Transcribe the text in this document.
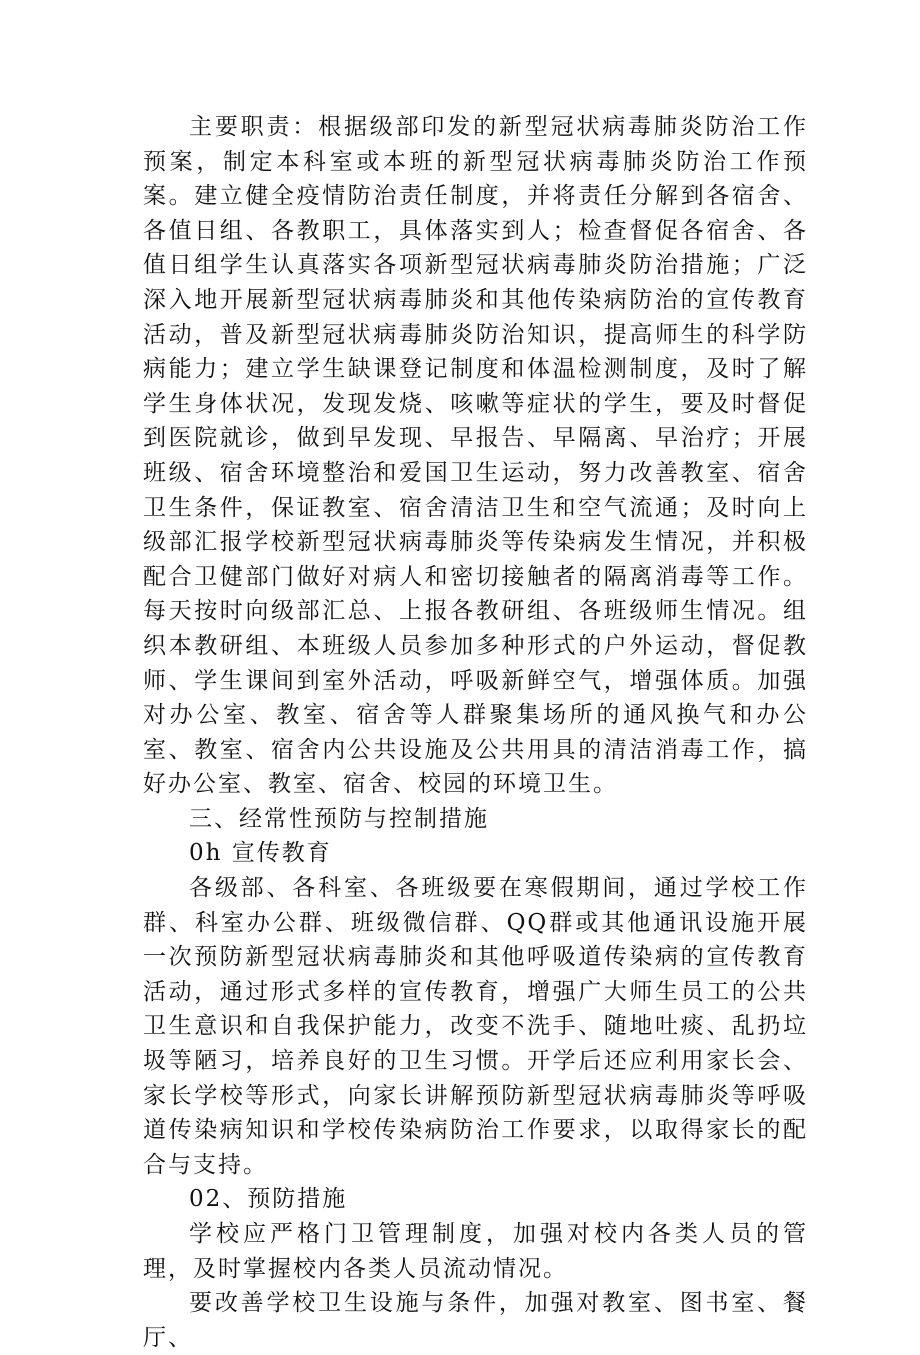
主要职责：根据级部印发的新型冠状病毒肺炎防治工作预案，制定本科室或本班的新型冠状病毒肺炎防治工作预案。建立健全疫情防治责任制度，并将责任分解到各宿舍、各值日组、各教职工，具体落实到人；检查督促各宿舍、各值日组学生认真落实各项新型冠状病毒肺炎防治措施；广泛深入地开展新型冠状病毒肺炎和其他传染病防治的宣传教育活动，普及新型冠状病毒肺炎防治知识，提高师生的科学防病能力；建立学生缺课登记制度和体温检测制度，及时了解学生身体状况，发现发烧、咳嗽等症状的学生，要及时督促到医院就诊，做到早发现、早报告、早隔离、早治疗；开展班级、宿舍环境整治和爱国卫生运动，努力改善教室、宿舍卫生条件，保证教室、宿舍清洁卫生和空气流通；及时向上级部汇报学校新型冠状病毒肺炎等传染病发生情况，并积极配合卫健部门做好对病人和密切接触者的隔离消毒等工作。每天按时向级部汇总、上报各教研组、各班级师生情况。组织本教研组、本班级人员参加多种形式的户外运动，督促教师、学生课间到室外活动，呼吸新鲜空气，增强体质。加强对办公室、教室、宿舍等人群聚集场所的通风换气和办公室、教室、宿舍内公共设施及公共用具的清洁消毒工作，搞好办公室、教室、宿舍、校园的环境卫生。

三、经常性预防与控制措施

0h 宣传教育

各级部、各科室、各班级要在寒假期间，通过学校工作群、科室办公群、班级微信群、QQ群或其他通讯设施开展一次预防新型冠状病毒肺炎和其他呼吸道传染病的宣传教育活动，通过形式多样的宣传教育，增强广大师生员工的公共卫生意识和自我保护能力，改变不洗手、随地吐痰、乱扔垃圾等陋习，培养良好的卫生习惯。开学后还应利用家长会、家长学校等形式，向家长讲解预防新型冠状病毒肺炎等呼吸道传染病知识和学校传染病防治工作要求，以取得家长的配合与支持。

02、预防措施

学校应严格门卫管理制度，加强对校内各类人员的管理，及时掌握校内各类人员流动情况。

要改善学校卫生设施与条件，加强对教室、图书室、餐厅、
